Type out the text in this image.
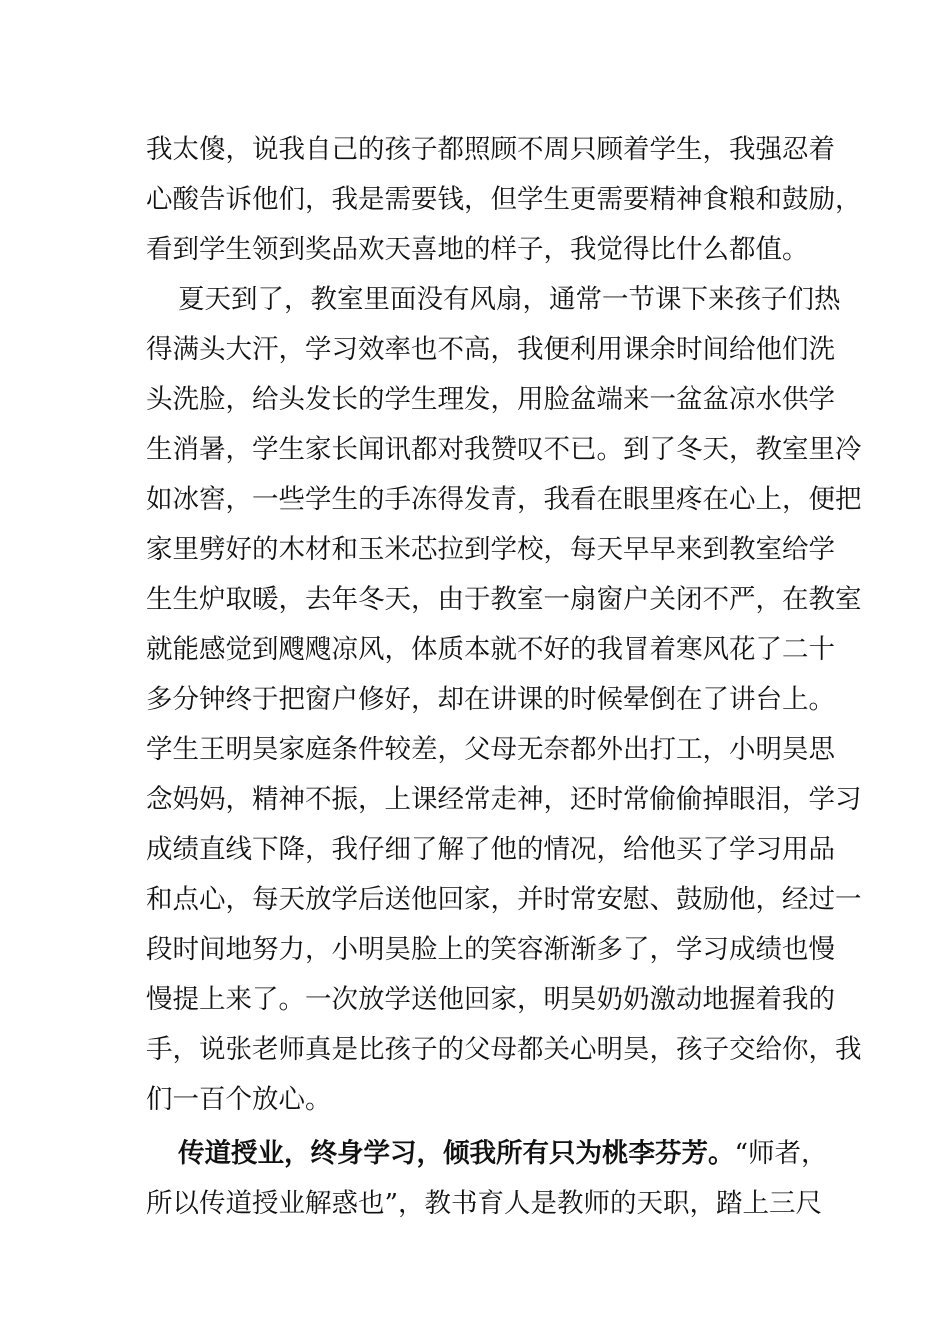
我太傻，说我自己的孩子都照顾不周只顾着学生，我强忍着
心酸告诉他们，我是需要钱，但学生更需要精神食粮和鼓励，
看到学生领到奖品欢天喜地的样子，我觉得比什么都值。
夏天到了，教室里面没有风扇，通常一节课下来孩子们热
得满头大汗，学习效率也不高，我便利用课余时间给他们洗
头洗脸，给头发长的学生理发，用脸盆端来一盆盆凉水供学
生消暑，学生家长闻讯都对我赞叹不已。到了冬天，教室里冷
如冰窖，一些学生的手冻得发青，我看在眼里疼在心上，便把
家里劈好的木材和玉米芯拉到学校，每天早早来到教室给学
生生炉取暖，去年冬天，由于教室一扇窗户关闭不严，在教室
就能感觉到飕飕凉风，体质本就不好的我冒着寒风花了二十
多分钟终于把窗户修好，却在讲课的时候晕倒在了讲台上。
学生王明昊家庭条件较差，父母无奈都外出打工，小明昊思
念妈妈，精神不振，上课经常走神，还时常偷偷掉眼泪，学习
成绩直线下降，我仔细了解了他的情况，给他买了学习用品
和点心，每天放学后送他回家，并时常安慰、鼓励他，经过一
段时间地努力，小明昊脸上的笑容渐渐多了，学习成绩也慢
慢提上来了。一次放学送他回家，明昊奶奶激动地握着我的
手，说张老师真是比孩子的父母都关心明昊，孩子交给你，我
们一百个放心。
传道授业，终身学习，倾我所有只为桃李芬芳。“师者，
所以传道授业解惑也”，教书育人是教师的天职，踏上三尺
